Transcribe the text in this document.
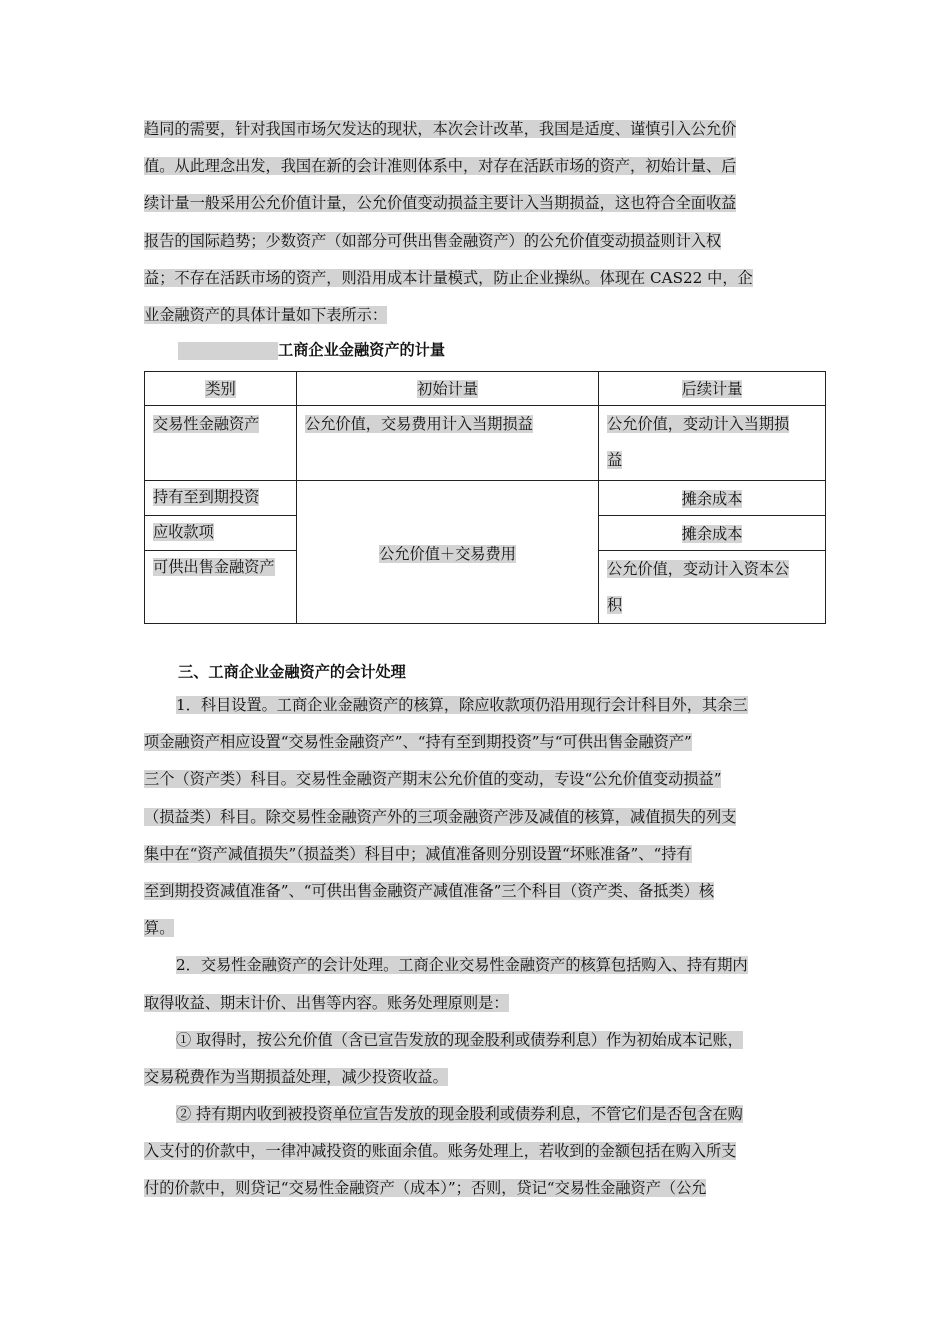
趋同的需要，针对我国市场欠发达的现状，本次会计改革，我国是适度、谨慎引入公允价
值。从此理念出发，我国在新的会计准则体系中，对存在活跃市场的资产，初始计量、后
续计量一般采用公允价值计量，公允价值变动损益主要计入当期损益，这也符合全面收益
报告的国际趋势；少数资产（如部分可供出售金融资产）的公允价值变动损益则计入权
益；不存在活跃市场的资产，则沿用成本计量模式，防止企业操纵。体现在 CAS22 中，企
业金融资产的具体计量如下表所示：
工商企业金融资产的计量
类别	初始计量	后续计量
交易性金融资产	公允价值，交易费用计入当期损益	公允价值，变动计入当期损
益
持有至到期投资	公允价值＋交易费用	摊余成本
应收款项		摊余成本
可供出售金融资产		公允价值，变动计入资本公
积
三、工商企业金融资产的会计处理
1．科目设置。工商企业金融资产的核算，除应收款项仍沿用现行会计科目外，其余三
项金融资产相应设置“交易性金融资产”、“持有至到期投资”与“可供出售金融资产”
三个（资产类）科目。交易性金融资产期末公允价值的变动，专设“公允价值变动损益”
（损益类）科目。除交易性金融资产外的三项金融资产涉及减值的核算，减值损失的列支
集中在“资产减值损失”（损益类）科目中；减值准备则分别设置“坏账准备”、“持有
至到期投资减值准备”、“可供出售金融资产减值准备”三个科目（资产类、备抵类）核
算。
2．交易性金融资产的会计处理。工商企业交易性金融资产的核算包括购入、持有期内
取得收益、期末计价、出售等内容。账务处理原则是：
① 取得时，按公允价值（含已宣告发放的现金股利或债券利息）作为初始成本记账，
交易税费作为当期损益处理，减少投资收益。
② 持有期内收到被投资单位宣告发放的现金股利或债券利息，不管它们是否包含在购
入支付的价款中，一律冲减投资的账面余值。账务处理上，若收到的金额包括在购入所支
付的价款中，则贷记“交易性金融资产（成本）”；否则，贷记“交易性金融资产（公允
